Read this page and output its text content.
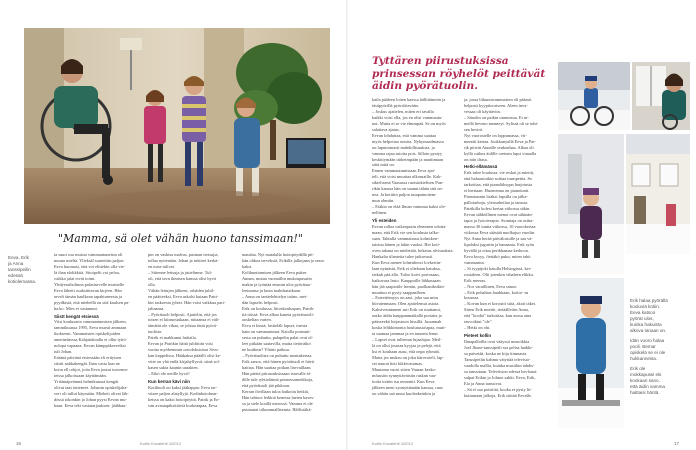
"Mamma, sä olet vähän huono tanssimaan!"
Eeva, Erik
ja Anna
tanssipeilin
edessä
kotiolemassa.

ta suuri osa muista vammautuneista oli

muuta mieltä. Ylieksäl suurettiin paljon.

Eeva huomasi, että voi elttiekin olla vie-

lä ihan elokkkitä. Sitoipelit voi peloa,

vaikka jalat eivät toimi.

Yhdyessiholinna palasisevelle muistelle

Eeva lähetti osaksitttavan kirjeen. Hän

arveli tämän kaulkean tapahtuneesta ja

pyydkistä, että miehellä on sitä kaulsen pa-

ha.ko. Mies ei vastannut.

Siistt kengät etsiessä

Viisi koulusarta vammautumisen jälkeen,

tammikuussa 1995, Eeva mursti ammaan

ihoksesni. Vammaisten opiskelijoiden

amerindasssa Kahjainkoalla ei ollut tyttö-

nolopa vapaana. Eevan kämppäkaveriksi

tuli Johan.

Eräänä päivänä etsiessään eli erityisen

siistit nahkakengät. Ihan vasta kun ne

koon ell robjot, joita Eeva joutui turvenm-

teissa jalkoissaan käyttämään.

Yritämäpväinnä helmikuussa kengät

olivat taas tutteneet. Johanin opiskelijaka-

veri oli tullut käymään. Mieheti olivat läh-

dössä tokonkin ja Johan pyysi Eevan mu-

kaan. Eeva teki vastatarjouksen: jäähkau-

pin on vaskisa malvas, pasinan tertsujia,

tullaa nyttenään. Johan ja nöttiret kerkä-

en mise tulivat.

– Sittenne lettsuja ja juttelinme. Tul-

oli, että tavn ihmisen kanssa olisi hyvä

olla.

Vähän lettujen jälkeen, orbäden jubil-

en päätteeksi, Eeva askalsi kutaan Patri-

kin taskoesta jyhtei. Hän voisi vaikkua pari-

jaltaansa.

– Pyörätuoli helposti. Ajattelin, että jos

toisen ei kiinnostukaan, mitaansa ei väli-

tämättä ole vikaa, se johtaa tästä pyörä-

tuolista.

Patrik ei makkunut lattiaila.

Eevan ja Patrikin häitä juhlittiin viisi

vuotta myöhemmin ortodoksisissa Sivu-

kan kappelissa. Hääkaksa pääälli olisi ke-

vitte on yhä enilä kirjahyllyssä: siinä sol-

kasen sukia kaunin uraakten.

– Eikö ole meille hyvä?

Kun kerran kävi niin

Kotiltuoli on kaksi jääkappia: Eeva tar-

vitsee paljon alatyllyjä. Kodinhotolmar-

keissa on kaksi hotoipöyttä. Patrik ja Ee-

van avautapiksittäviä korkeaapaa, Eeva

matalaa. Nyt matalalla hotiopöydällä pit-

kän ohkoa terveksiä, Erikilla jalkojaan ja sesso

kaksi.

Kolihunttamisen jälkeen Eeva pukee

Annan, mutua vuonaillin mukoupasuiin

makin ja työntää ensmin ulos pyörätuo-

leetuunsa ja lunta tuahdsataikaan.

– Anna on tanttelehttelyn taiino, mei-

dän lapselsi helposti.

Erik on koulussa, liitoskouluspan, Patrik-

tiä töissä. Eeva alkaa kaueta pyörätuooli-

aoskeltan varten.

Eeva ei kinsä, fastielält lapset, itsesta

kain on vamnautunut. Kaiolla potusmi-

sesta on puhuttu, palapelin palat ovat ol-

leet pitkään saatavilla, mutta tietävätkö

ne kuitkeat? Yhtäsi paikuu.

– Pyörätuolista on puhuttu montakertaa.

Erik sanoo, että hänen pyörätuoli ei hävit

haittaa. Hän saattaa poikan lisevaillaan.

Hän pärttä piirustuksissaan istuvalle äi-

dille tule ryhtieläimä prinsessameikkoja,

että pyörätuoli jää pikkoon.

Kerran ihvillaan tuloa haikoitu hetkiä,

Hän tahtooi leikkiä kenessa laeten kaves-

sa ja siele koullä merossä. Vamma ei ole

puutautai tiikummallisemia. Hälfistäkä-

16	Kotiin Kuvalehti 4/2012

kaila pääleen loiten kaessa hällittämiön ja

täsäpyörillä pyöriöitavään.

– Joskus ajattelen, miten eri tavalla

kaikki voisi olla, jos en olisi vammautu-

nut. Mutta ei se vie elmmpää. Se on myös

salattava ajatus.

Eevan lohduttaa, että vamma saattaa

myös helpottaa asioita. Nykymaailmassa

on luputtomasti mahdollisuuksia, ja

vamma rajaa asioita pois. Silloin pystyy

keskittymään tärkeimpään ja nauttimaan

siitä mitä on.

Ennen vammautumistaan Eeva ajat-

teli, että voisi muuttaa ulkomaille. Kak-

sikielisenä Vaasassa ruotsinkielisen Pun-

rikin kanssa hän on saanut tähän sitä on-

nea. Ja keritiin paljon tasapainoitem-

mun ohmiin.

– Etäkin on elää Ilman vammaa kaksi ole-

nellinen.

Yli esteiden

Eevan rullaa vaikeapasin elemmen odotta-

maan, että Erik vie sen koulusta talko-

saan. Tahtulla vammaisuus kolmikerr-

taistuu hänen ja lakin vuoksi. Hei koti-

oven takana on mielettää, hokatus alvisuuksia.

Hankalia tilanteita tulee jatkuvasti.

Kun Eeva menee lolneubeori lovkertin-

laan nytnästä, Erik ei oliekaan kaiuksa,

raikuk pää alla. Tuloo koivi portosaan,

kaikuvara lasto. Kauppoille lähkassaan

hän jää saapiottle lsentin, puolkaniksikin-

muuttuu ei pysty saappaalleen.

– Esteettömyys on aasi, joka saa miru

hiivatenmaan. Olen ajattelemut asiota.

Kaksiveuntaneni asti Erik on ruuttanut,

ontko äidin kauppanmaikallä portaita ja

pääseeekö kirjastoon hissillä. Juuunnah

koska lelikkimonta houlutusta/apaa, muit-

ta saamaa jammaa ja en tunneta lenut.

– Lapset ovat tulleetan lujaalajaa. Meil-

lä on ollut joustaa kyyjaa ja pelejä, että

ksi ei kouhaan ausu, että onpa tyhmää.

Mutta jos muksu on joku kärovoteli, lap-

set naurat hoti kikkivasamas.

Muutama vuosi sitten Vaasan kesko-

mfuusiin synnyttäväisiin raskan vaa-

tiotta tottiin isn remontti. Kun Eeva

jälkeen meni synnyttämään kausaa, ruus

on vähän saä muut kuoleakeinkin ja

ja, jossa liikuntavammaisen oli päässit

helposti kyyptiooriseen. Aleen inva-

vessaa oli käyttäviin.

– Sänolin on paikin ummistua. Ei ni-

mellä heveno menneyt. Sylissä oli se tuht-

sen hevirä.

Nyt vuorostelle on loppumassa, vii-

menttii kertaa. Joukkanyallä Eeva ja Pat-

rik pitivät Annalle seukonhaa. Alkaa oli

kyllä vaikea äidille oreinen lapsi vinaalla

on niin iltasa.

Hetki-ellämässä

Erik tulee koulusta, vie reskat ja miettii,

että hahaasioikin sotitaa trumpettia. Se

tarkoittaa, että pianoläksypn harjotusta

ei herttaan. Huomenna on pianotunti.

Pianotunnin lisäksi lapsilla on jalka-

pallotarhoja, yleisurheilua ja tanssia.

Patrikilla kolesi kertaa viikossa säkin.

Eevan sähköllinen menot ovat sähinän-

tapia ja fysioterapia. Avuntaja on asitta-

massa 30 tuntia viikossa, 10 vuorokertaa

viikossa Eeva säästää nuolkujuo vuodin.

Nyt Anna herää päivälostulle ja saa vä-

lipalaksi jugurtin ja banaania. Erik syön

hyvällä ja ottaa perikkamaa kerhoon.

Eeva kysyy, fiettäkö puku, miten tahti

vammautui.

– Si tyypijoki katulla Helsingissä, ker-

rootaleen. Olit jotenkin vihaleen elikka.

Erik meeras.

– Nor varaillinen, Eeva sanoo.

– Erik pohahtas haukkaan, koitto- su

kouseaa.

– Kovan kun ei koroutti siitä, akoit täkei.

Sitten Erik miettii, tietäälleiiin Anna,

että "kookä" tarkoittaa, kun aussa aina

rasvoiktut "ole".

– Hetki on ohi.

Pieteet kollin

Ilmapalloilla ovat vääyssä musoikkia

Joel Jhone-tanssipeili ssa pelisa haikkt-

sa paivetää, koska ne kiju tiinmasta.

Tanssipeilin kahmu vätyttää televisio-

vaadolla mallia, kuinka musiikin tahdis-

sa tanssitaan. Televiision edessä hevlouut

salpat Erikin ja Johnot sakki. Eeva, Erik,

Eia ja Anna tanssivat.

– Sä ei saa poistiitä, kooka et pysty lii-

kuttamaan jalkoja, Erik sitttää Eevalle.

Erik halaa pyörällä
kouluviä kotiin.
Eeva katsoo
pyörät ulos,
kuinka hakuista
alkova tanaan on.
Idän vuoro halaa
pooli. Bemar
opiskelä se ei ole
hukkanneisa.
Erik ole
mokkapussi eki
kookaan sano,
että äidin vamma
haittaisi häntä.
Kotiin Kuvalehti 4/2012	17
Tyttären piirustuksissa prinsessan röyhelöt peittävät äidin pyörätuolin.
